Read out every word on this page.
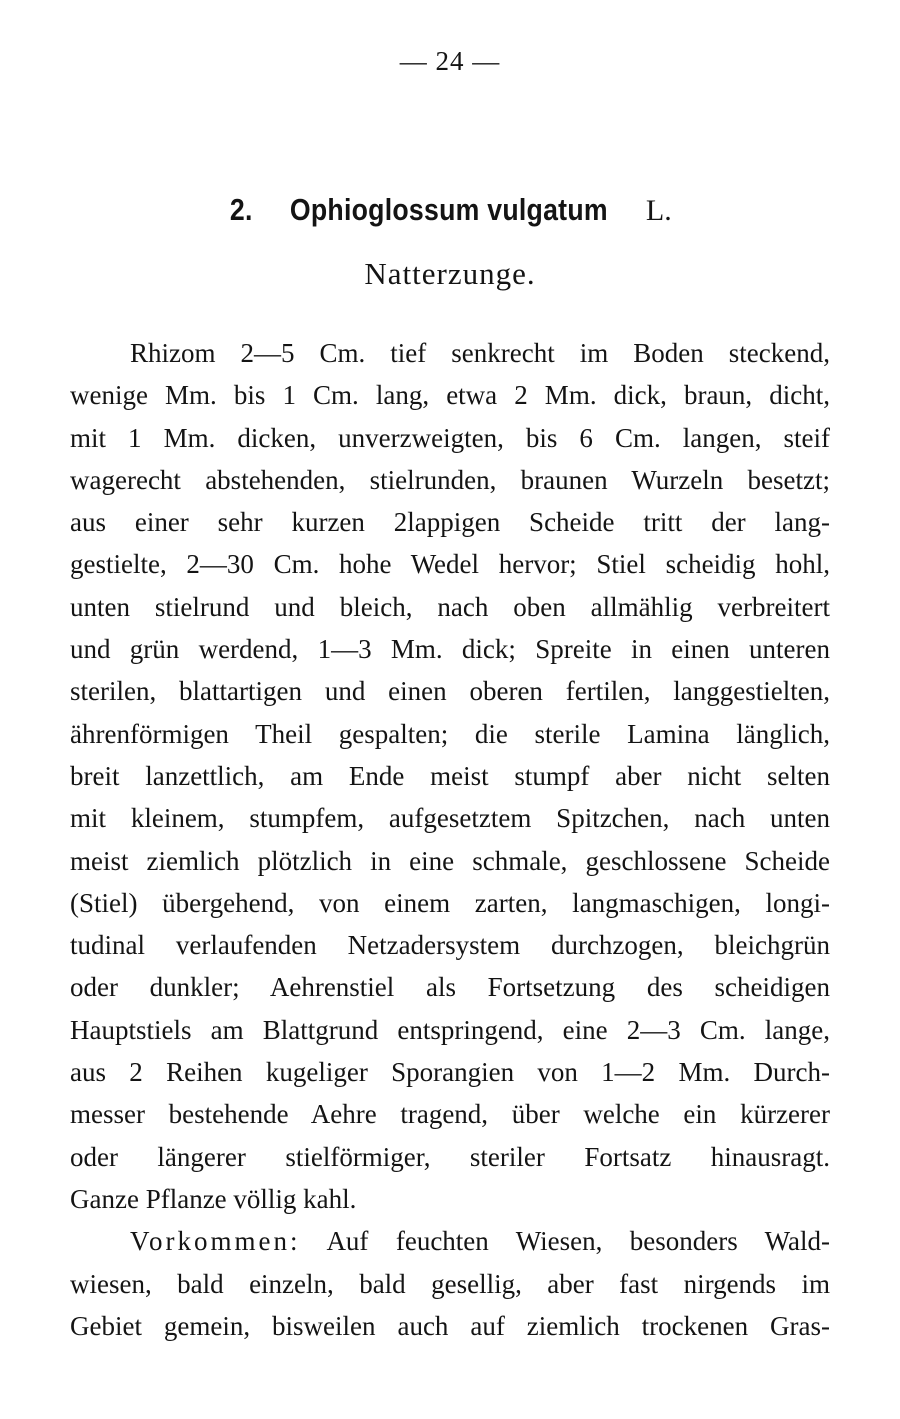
— 24 —
2. Ophioglossum vulgatum L.
Natterzunge.
Rhizom 2—5 Cm. tief senkrecht im Boden steckend,
wenige Mm. bis 1 Cm. lang, etwa 2 Mm. dick, braun, dicht,
mit 1 Mm. dicken, unverzweigten, bis 6 Cm. langen, steif
wagerecht abstehenden, stielrunden, braunen Wurzeln besetzt;
aus einer sehr kurzen 2lappigen Scheide tritt der lang-
gestielte, 2—30 Cm. hohe Wedel hervor; Stiel scheidig hohl,
unten stielrund und bleich, nach oben allmählig verbreitert
und grün werdend, 1—3 Mm. dick; Spreite in einen unteren
sterilen, blattartigen und einen oberen fertilen, langgestielten,
ährenförmigen Theil gespalten; die sterile Lamina länglich,
breit lanzettlich, am Ende meist stumpf aber nicht selten
mit kleinem, stumpfem, aufgesetztem Spitzchen, nach unten
meist ziemlich plötzlich in eine schmale, geschlossene Scheide
(Stiel) übergehend, von einem zarten, langmaschigen, longi-
tudinal verlaufenden Netzadersystem durchzogen, bleichgrün
oder dunkler; Aehrenstiel als Fortsetzung des scheidigen
Hauptstiels am Blattgrund entspringend, eine 2—3 Cm. lange,
aus 2 Reihen kugeliger Sporangien von 1—2 Mm. Durch-
messer bestehende Aehre tragend, über welche ein kürzerer
oder längerer stielförmiger, steriler Fortsatz hinausragt.
Ganze Pflanze völlig kahl.
Vorkommen: Auf feuchten Wiesen, besonders Wald-
wiesen, bald einzeln, bald gesellig, aber fast nirgends im
Gebiet gemein, bisweilen auch auf ziemlich trockenen Gras-
